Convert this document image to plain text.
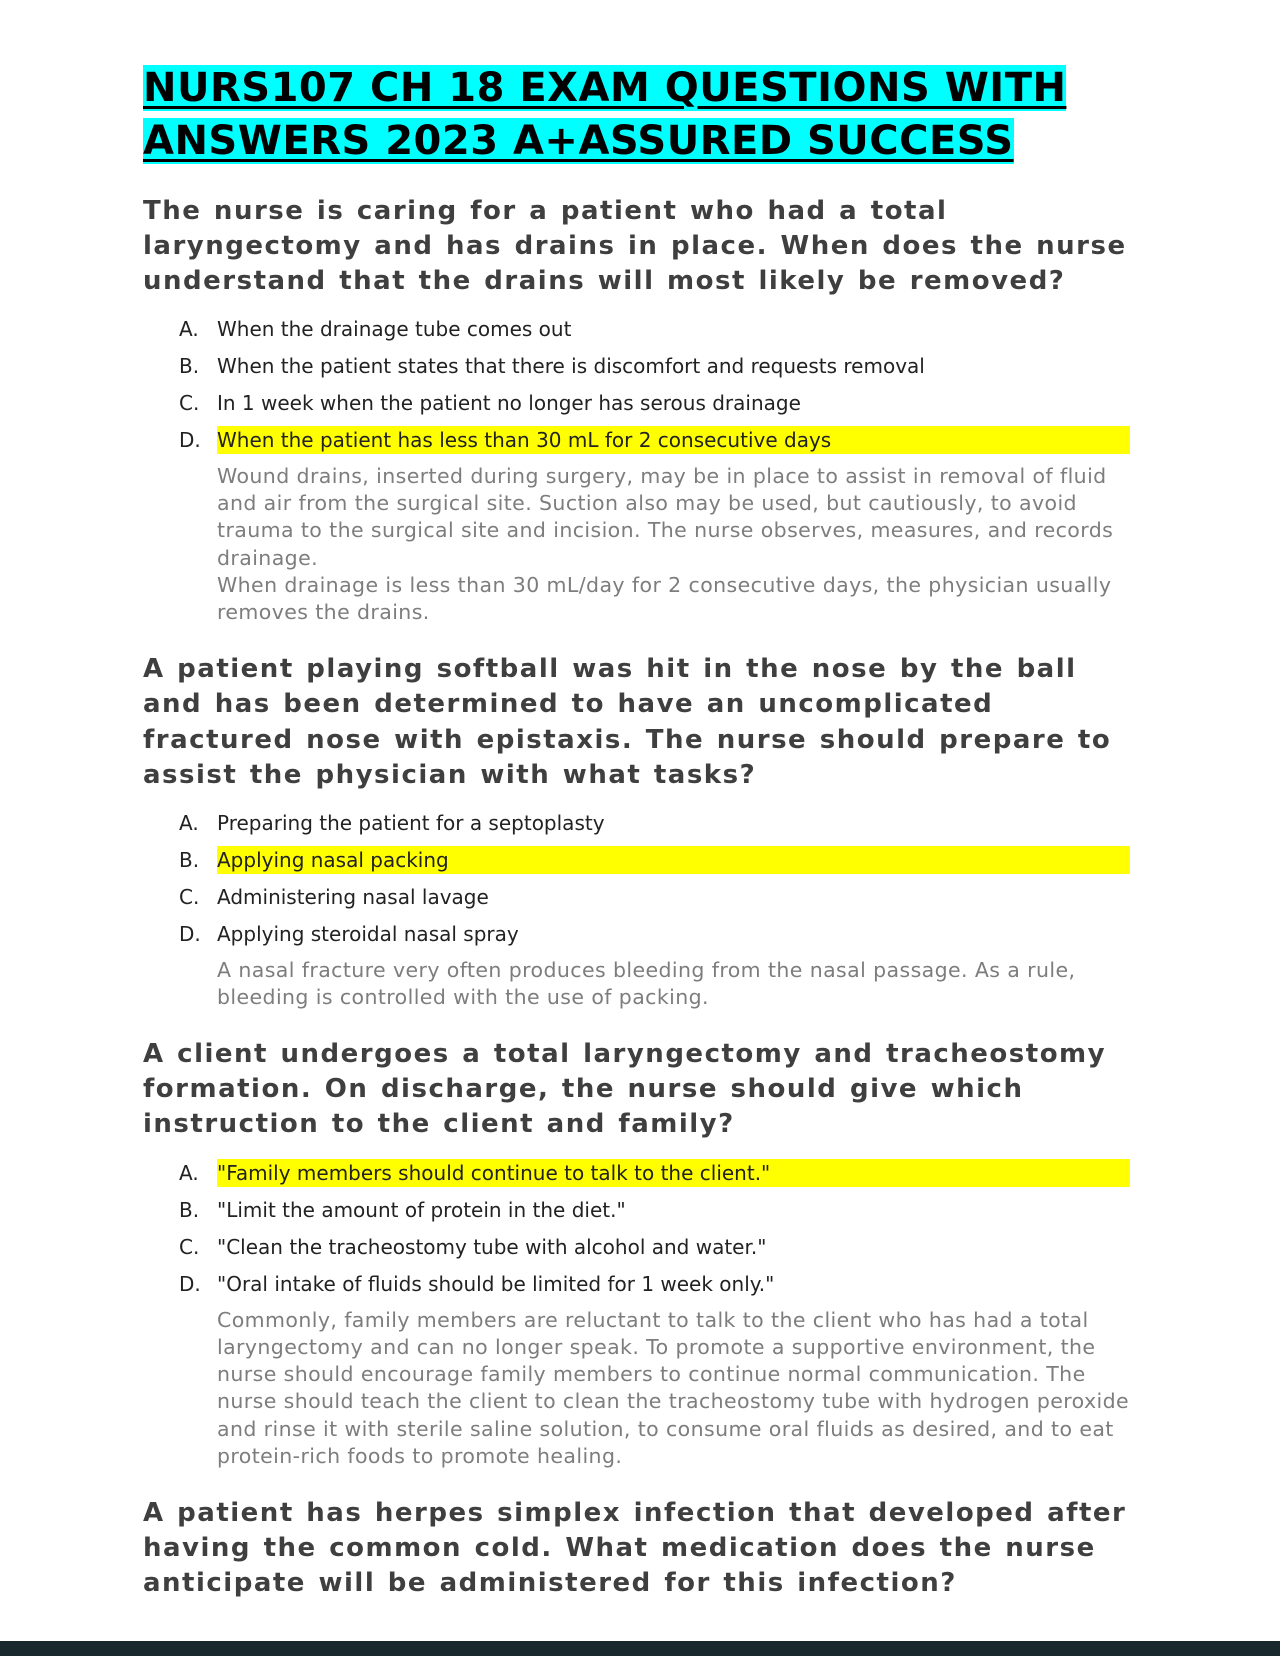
NURS107 CH 18 EXAM QUESTIONS WITH
ANSWERS 2023 A+ASSURED SUCCESS

The nurse is caring for a patient who had a total laryngectomy and has drains in place. When does the nurse understand that the drains will most likely be removed?

A. When the drainage tube comes out
B. When the patient states that there is discomfort and requests removal
C. In 1 week when the patient no longer has serous drainage
D. When the patient has less than 30 mL for 2 consecutive days

Wound drains, inserted during surgery, may be in place to assist in removal of fluid and air from the surgical site. Suction also may be used, but cautiously, to avoid trauma to the surgical site and incision. The nurse observes, measures, and records drainage.

When drainage is less than 30 mL/day for 2 consecutive days, the physician usually removes the drains.

A patient playing softball was hit in the nose by the ball and has been determined to have an uncomplicated fractured nose with epistaxis. The nurse should prepare to assist the physician with what tasks?

A. Preparing the patient for a septoplasty
B. Applying nasal packing
C. Administering nasal lavage
D. Applying steroidal nasal spray

A nasal fracture very often produces bleeding from the nasal passage. As a rule, bleeding is controlled with the use of packing.

A client undergoes a total laryngectomy and tracheostomy formation. On discharge, the nurse should give which instruction to the client and family?

A. "Family members should continue to talk to the client."
B. "Limit the amount of protein in the diet."
C. "Clean the tracheostomy tube with alcohol and water."
D. "Oral intake of fluids should be limited for 1 week only."

Commonly, family members are reluctant to talk to the client who has had a total laryngectomy and can no longer speak. To promote a supportive environment, the nurse should encourage family members to continue normal communication. The nurse should teach the client to clean the tracheostomy tube with hydrogen peroxide and rinse it with sterile saline solution, to consume oral fluids as desired, and to eat protein-rich foods to promote healing.

A patient has herpes simplex infection that developed after having the common cold. What medication does the nurse anticipate will be administered for this infection?
